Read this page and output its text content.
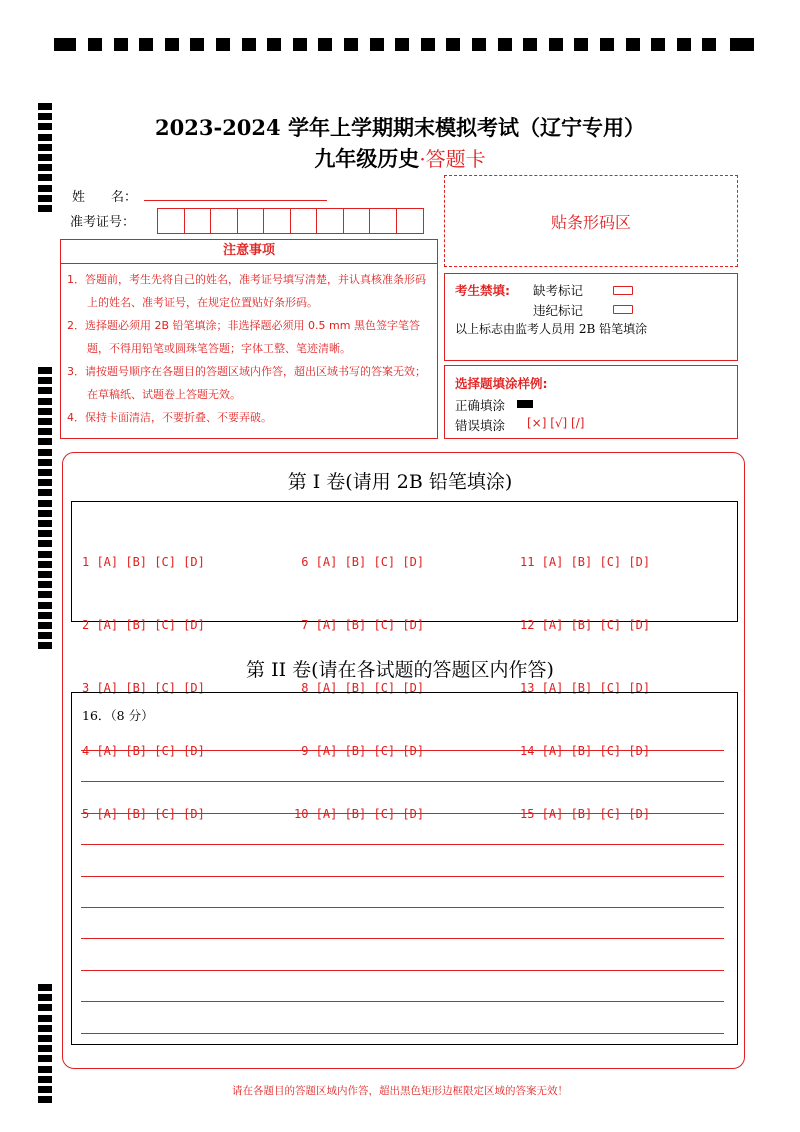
2023-2024 学年上学期期末模拟考试（辽宁专用）
九年级历史·答题卡
姓　　名：
准考证号：	贴条形码区
注意事项

1．答题前，考生先将自己的姓名，准考证号填写清楚，并认真核准条形码上的姓名、准考证号，在规定位置贴好条形码。

2．选择题必须用 2B 铅笔填涂；非选择题必须用 0.5 mm 黑色签字笔答题，不得用铅笔或圆珠笔答题；字体工整、笔迹清晰。

3．请按题号顺序在各题目的答题区域内作答，超出区域书写的答案无效；在草稿纸、试题卷上答题无效。

4．保持卡面清洁，不要折叠、不要弄破。

考生禁填: 缺考标记
违纪标记
以上标志由监考人员用 2B 铅笔填涂
选择题填涂样例:
正确填涂
错误填涂 [×] [√] [/]
第 I 卷(请用 2B 铅笔填涂)

1 [A] [B] [C] [D]

2 [A] [B] [C] [D]

3 [A] [B] [C] [D]

4 [A] [B] [C] [D]

5 [A] [B] [C] [D]

6 [A] [B] [C] [D]

7 [A] [B] [C] [D]

8 [A] [B] [C] [D]

9 [A] [B] [C] [D]

10 [A] [B] [C] [D]

11 [A] [B] [C] [D]

12 [A] [B] [C] [D]

13 [A] [B] [C] [D]

14 [A] [B] [C] [D]

15 [A] [B] [C] [D]

第 II 卷(请在各试题的答题区内作答)
16．（8 分）
请在各题目的答题区域内作答，超出黑色矩形边框限定区域的答案无效！
